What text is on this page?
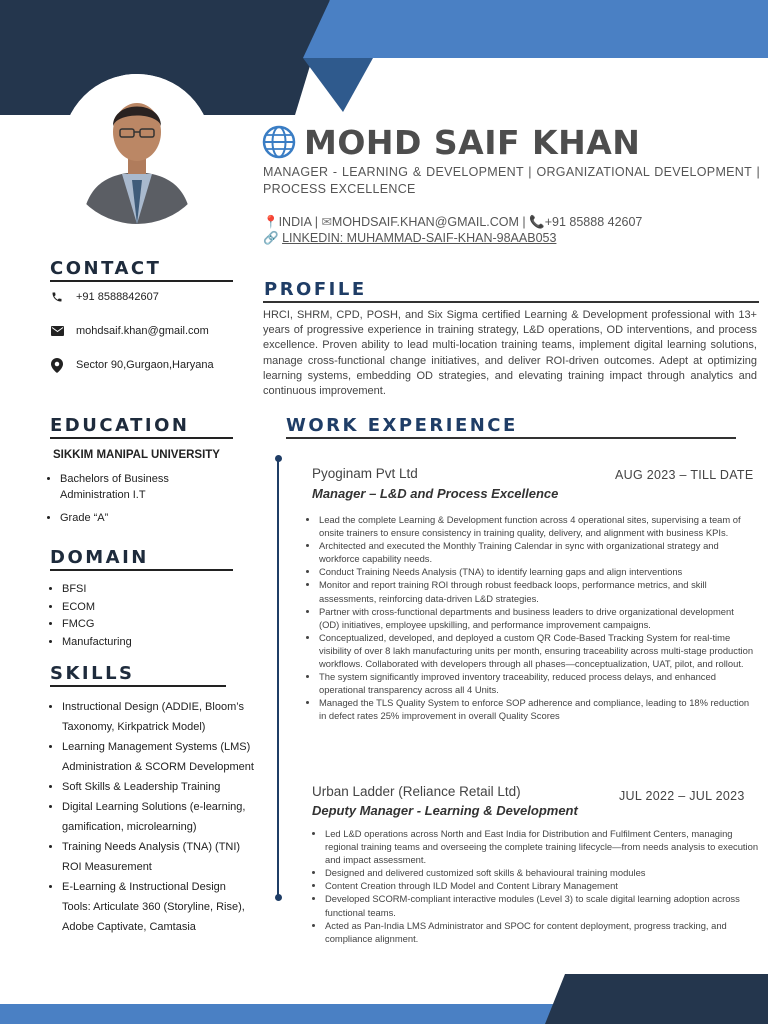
MOHD SAIF KHAN
MANAGER - LEARNING & DEVELOPMENT | ORGANIZATIONAL DEVELOPMENT | PROCESS EXCELLENCE
📍INDIA | ✉MOHDSAIF.KHAN@GMAIL.COM | 📞+91 85888 42607
🔗 LINKEDIN: MUHAMMAD-SAIF-KHAN-98AAB053
CONTACT
+91 8588842607
mohdsaif.khan@gmail.com
Sector 90,Gurgaon,Haryana
EDUCATION
SIKKIM MANIPAL UNIVERSITY
• Bachelors of Business Administration I.T
• Grade “A”
DOMAIN
• BFSI
• ECOM
• FMCG
• Manufacturing
SKILLS
• Instructional Design (ADDIE, Bloom’s Taxonomy, Kirkpatrick Model)
• Learning Management Systems (LMS) Administration & SCORM Development
• Soft Skills & Leadership Training
• Digital Learning Solutions (e-learning, gamification, microlearning)
• Training Needs Analysis (TNA) (TNI) ROI Measurement
• E-Learning & Instructional Design Tools: Articulate 360 (Storyline, Rise), Adobe Captivate, Camtasia
PROFILE
HRCI, SHRM, CPD, POSH, and Six Sigma certified Learning & Development professional with 13+ years of progressive experience in training strategy, L&D operations, OD interventions, and process excellence. Proven ability to lead multi-location training teams, implement digital learning solutions, manage cross-functional change initiatives, and deliver ROI-driven outcomes. Adept at optimizing learning systems, embedding OD strategies, and elevating training impact through analytics and continuous improvement.
WORK EXPERIENCE
Pyoginam Pvt Ltd	AUG 2023 – TILL DATE
Manager – L&D and Process Excellence
• Lead the complete Learning & Development function across 4 operational sites, supervising a team of onsite trainers to ensure consistency in training quality, delivery, and alignment with business KPIs.
• Architected and executed the Monthly Training Calendar in sync with organizational strategy and workforce capability needs.
• Conduct Training Needs Analysis (TNA) to identify learning gaps and align interventions
• Monitor and report training ROI through robust feedback loops, performance metrics, and skill assessments, reinforcing data-driven L&D strategies.
• Partner with cross-functional departments and business leaders to drive organizational development (OD) initiatives, employee upskilling, and performance improvement campaigns.
• Conceptualized, developed, and deployed a custom QR Code-Based Tracking System for real-time visibility of over 8 lakh manufacturing units per month, ensuring traceability across multi-stage production workflows. Collaborated with developers through all phases—conceptualization, UAT, pilot, and rollout.
• The system significantly improved inventory traceability, reduced process delays, and enhanced operational transparency across all 4 Units.
• Managed the TLS Quality System to enforce SOP adherence and compliance, leading to 18% reduction in defect rates 25% improvement in overall Quality Scores
Urban Ladder (Reliance Retail Ltd)	JUL 2022 – JUL 2023
Deputy Manager - Learning & Development
• Led L&D operations across North and East India for Distribution and Fulfilment Centers, managing regional training teams and overseeing the complete training lifecycle—from needs analysis to execution and impact assessment.
• Designed and delivered customized soft skills & behavioural training modules
• Content Creation through ILD Model and Content Library Management
• Developed SCORM-compliant interactive modules (Level 3) to scale digital learning adoption across functional teams.
• Acted as Pan-India LMS Administrator and SPOC for content deployment, progress tracking, and compliance alignment.
